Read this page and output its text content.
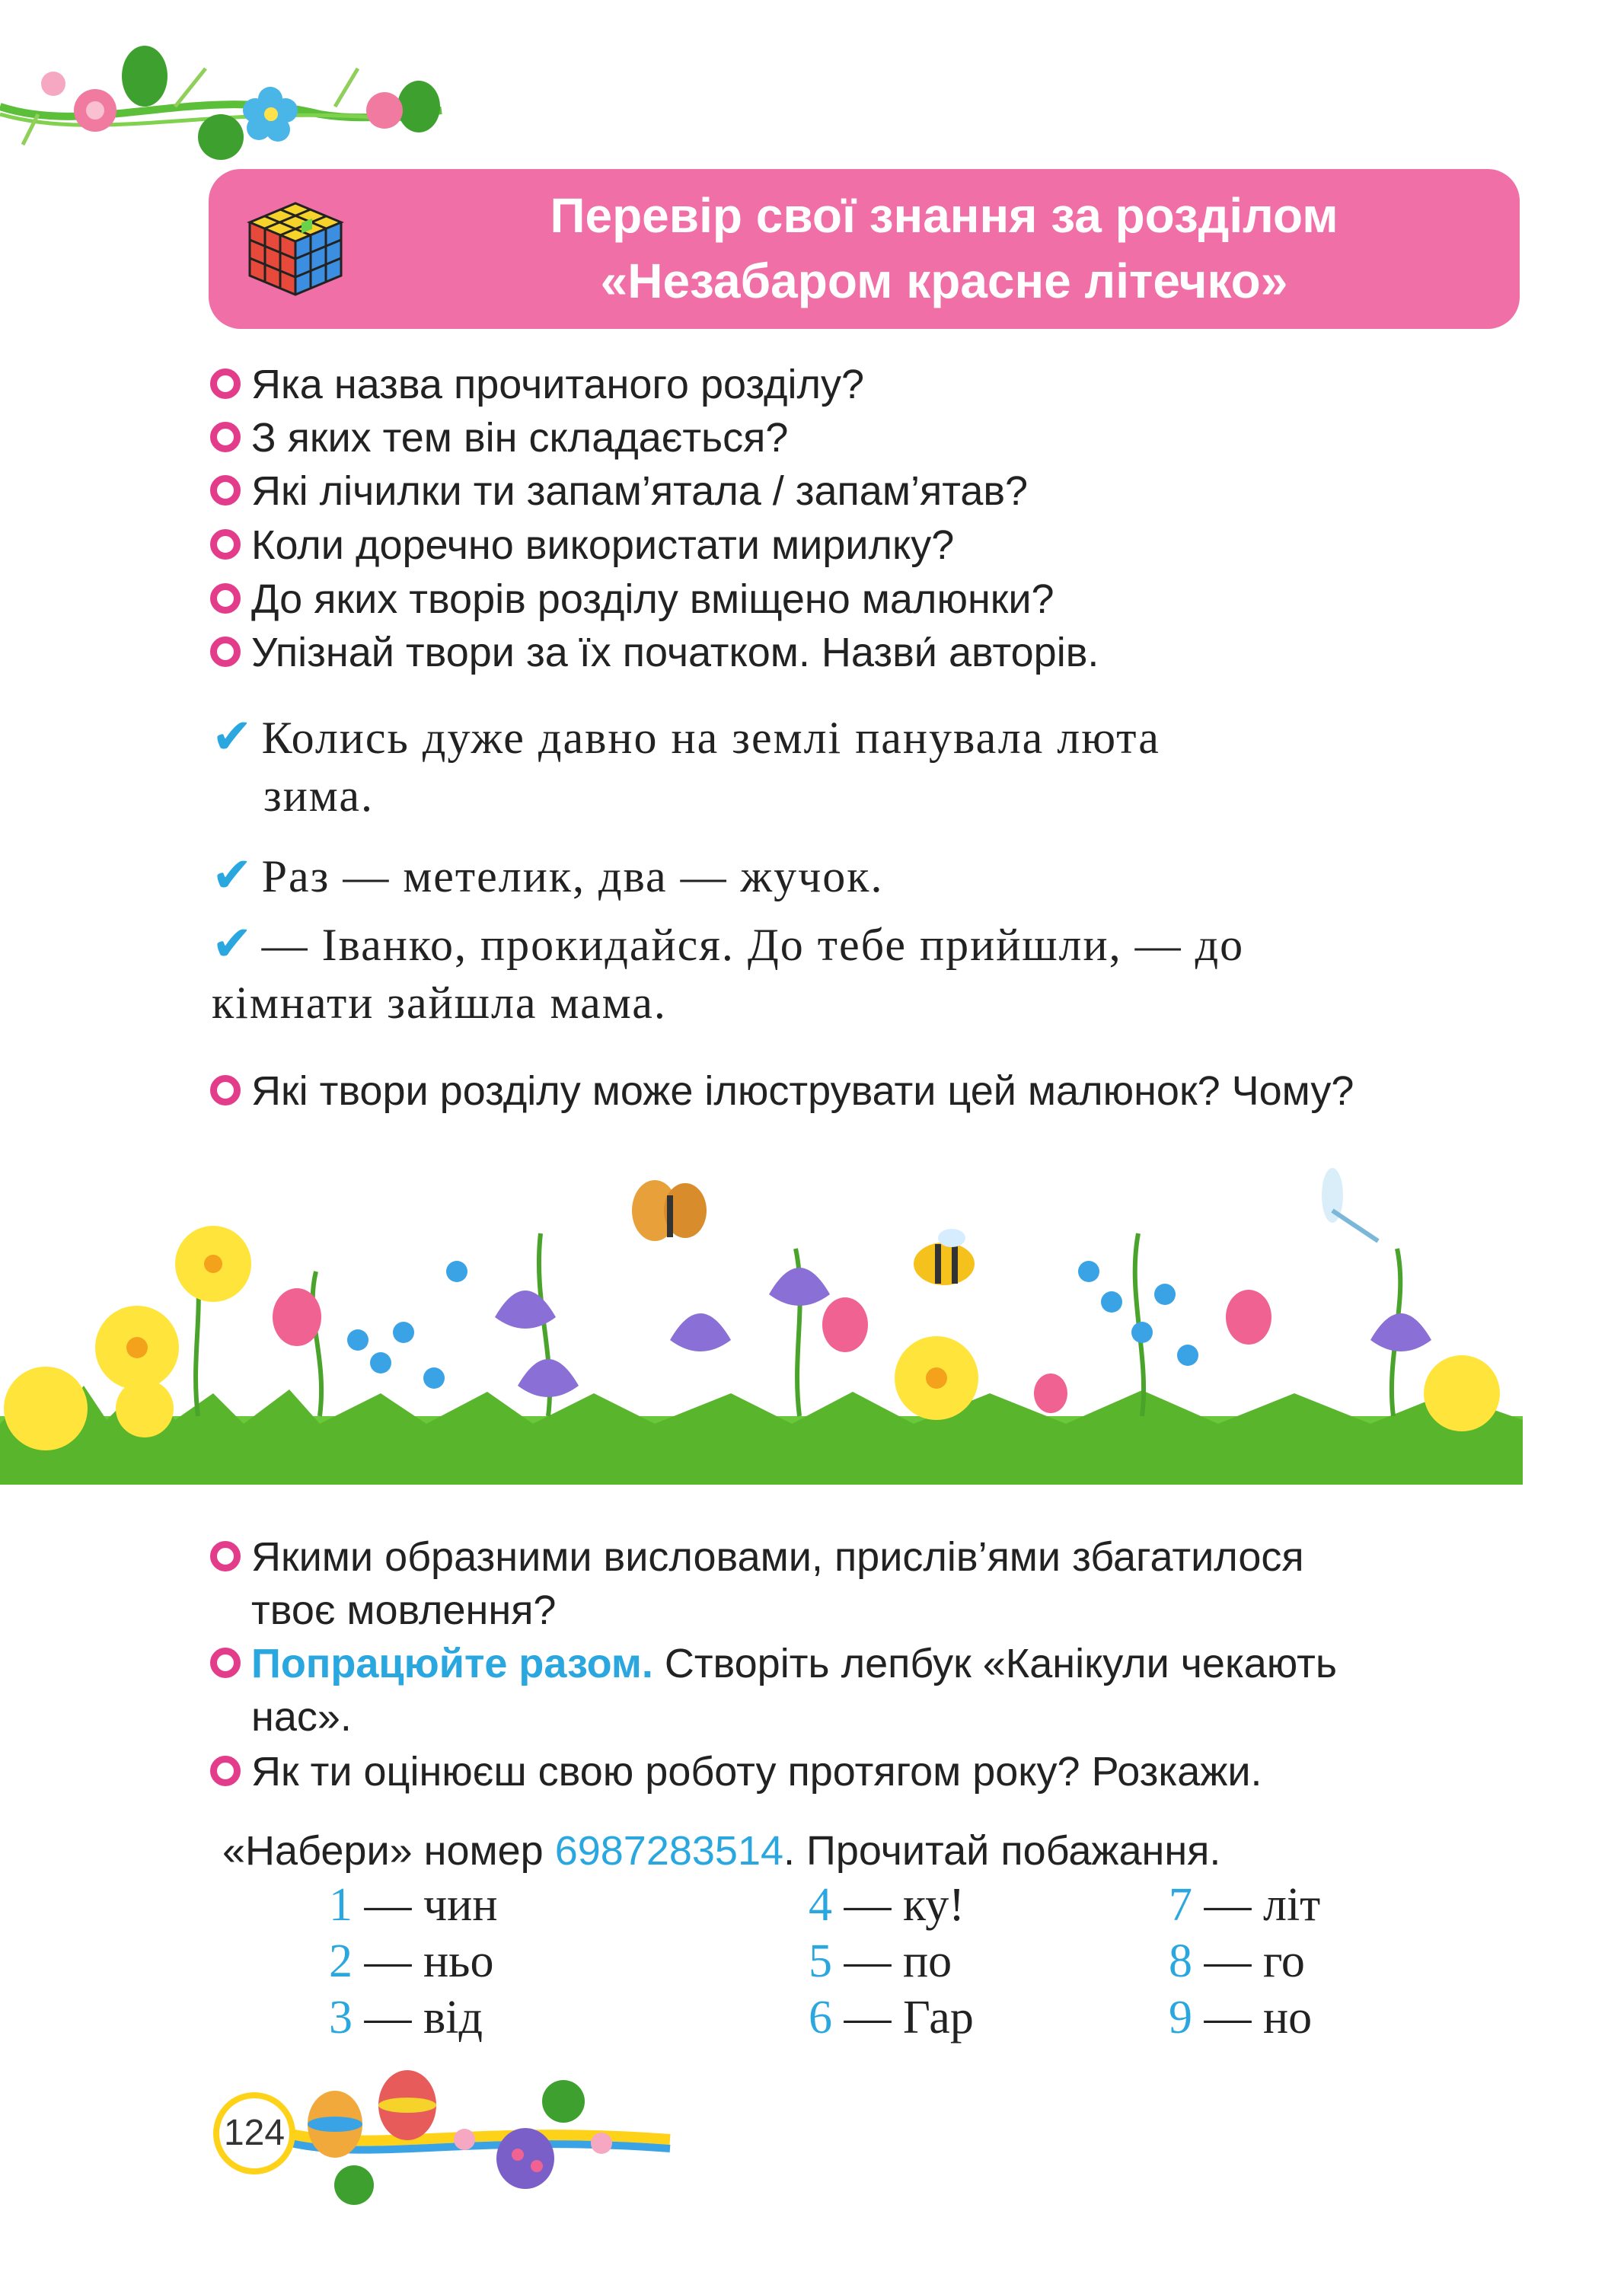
Перевір свої знання за розділом
«Незабаром красне літечко»
Яка назва прочитаного розділу?
З яких тем він складається?
Які лічилки ти запам’ятала / запам’ятав?
Коли доречно використати мирилку?
До яких творів розділу вміщено малюнки?
Упізнай твори за їх початком. Назви́ авторів.
✔ Колись дуже давно на землі панувала люта
зима.
✔ Раз — метелик, два — жучок.
✔ — Іванко, прокидайся. До тебе прийшли, — до
кімнати зайшла мама.
Які твори розділу може ілюструвати цей малюнок? Чому?
Якими образними висловами, прислів’ями збагатилося
твоє мовлення?
Попрацюйте разом. Створіть лепбук «Канікули чекають
нас».
Як ти оцінюєш свою роботу протягом року? Розкажи.
«Набери» номер 6987283514. Прочитай побажання.
1 — чин
2 — ньо
3 — від
4 — ку!
5 — по
6 — Гар
7 — літ
8 — го
9 — но
124
